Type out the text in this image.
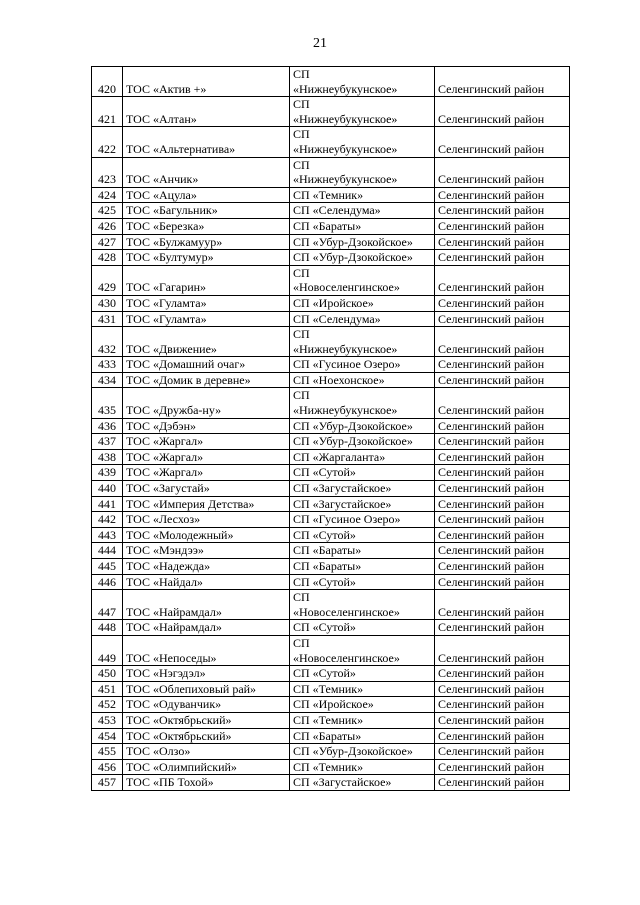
21
420	ТОС «Актив +»	СП
«Нижнеубукунское»	Селенгинский район
421	ТОС «Алтан»	СП
«Нижнеубукунское»	Селенгинский район
422	ТОС «Альтернатива»	СП
«Нижнеубукунское»	Селенгинский район
423	ТОС «Анчик»	СП
«Нижнеубукунское»	Селенгинский район
424	ТОС «Ацула»	СП «Темник»	Селенгинский район
425	ТОС «Багульник»	СП «Селендума»	Селенгинский район
426	ТОС «Березка»	СП «Бараты»	Селенгинский район
427	ТОС «Булжамуур»	СП «Убур-Дзокойское»	Селенгинский район
428	ТОС «Бултумур»	СП «Убур-Дзокойское»	Селенгинский район
429	ТОС «Гагарин»	СП
«Новоселенгинское»	Селенгинский район
430	ТОС «Гуламта»	СП «Иройское»	Селенгинский район
431	ТОС «Гуламта»	СП «Селендума»	Селенгинский район
432	ТОС «Движение»	СП
«Нижнеубукунское»	Селенгинский район
433	ТОС «Домашний очаг»	СП «Гусиное Озеро»	Селенгинский район
434	ТОС «Домик в деревне»	СП «Ноехонское»	Селенгинский район
435	ТОС «Дружба-ну»	СП
«Нижнеубукунское»	Селенгинский район
436	ТОС «Дэбэн»	СП «Убур-Дзокойское»	Селенгинский район
437	ТОС «Жаргал»	СП «Убур-Дзокойское»	Селенгинский район
438	ТОС «Жаргал»	СП «Жаргаланта»	Селенгинский район
439	ТОС «Жаргал»	СП «Сутой»	Селенгинский район
440	ТОС «Загустай»	СП «Загустайское»	Селенгинский район
441	ТОС «Империя Детства»	СП «Загустайское»	Селенгинский район
442	ТОС «Лесхоз»	СП «Гусиное Озеро»	Селенгинский район
443	ТОС «Молодежный»	СП «Сутой»	Селенгинский район
444	ТОС «Мэндээ»	СП «Бараты»	Селенгинский район
445	ТОС «Надежда»	СП «Бараты»	Селенгинский район
446	ТОС «Найдал»	СП «Сутой»	Селенгинский район
447	ТОС «Найрамдал»	СП
«Новоселенгинское»	Селенгинский район
448	ТОС «Найрамдал»	СП «Сутой»	Селенгинский район
449	ТОС «Непоседы»	СП
«Новоселенгинское»	Селенгинский район
450	ТОС «Нэгэдэл»	СП «Сутой»	Селенгинский район
451	ТОС «Облепиховый рай»	СП «Темник»	Селенгинский район
452	ТОС «Одуванчик»	СП «Иройское»	Селенгинский район
453	ТОС «Октябрьский»	СП «Темник»	Селенгинский район
454	ТОС «Октябрьский»	СП «Бараты»	Селенгинский район
455	ТОС «Олзо»	СП «Убур-Дзокойское»	Селенгинский район
456	ТОС «Олимпийский»	СП «Темник»	Селенгинский район
457	ТОС «ПБ Тохой»	СП «Загустайское»	Селенгинский район
